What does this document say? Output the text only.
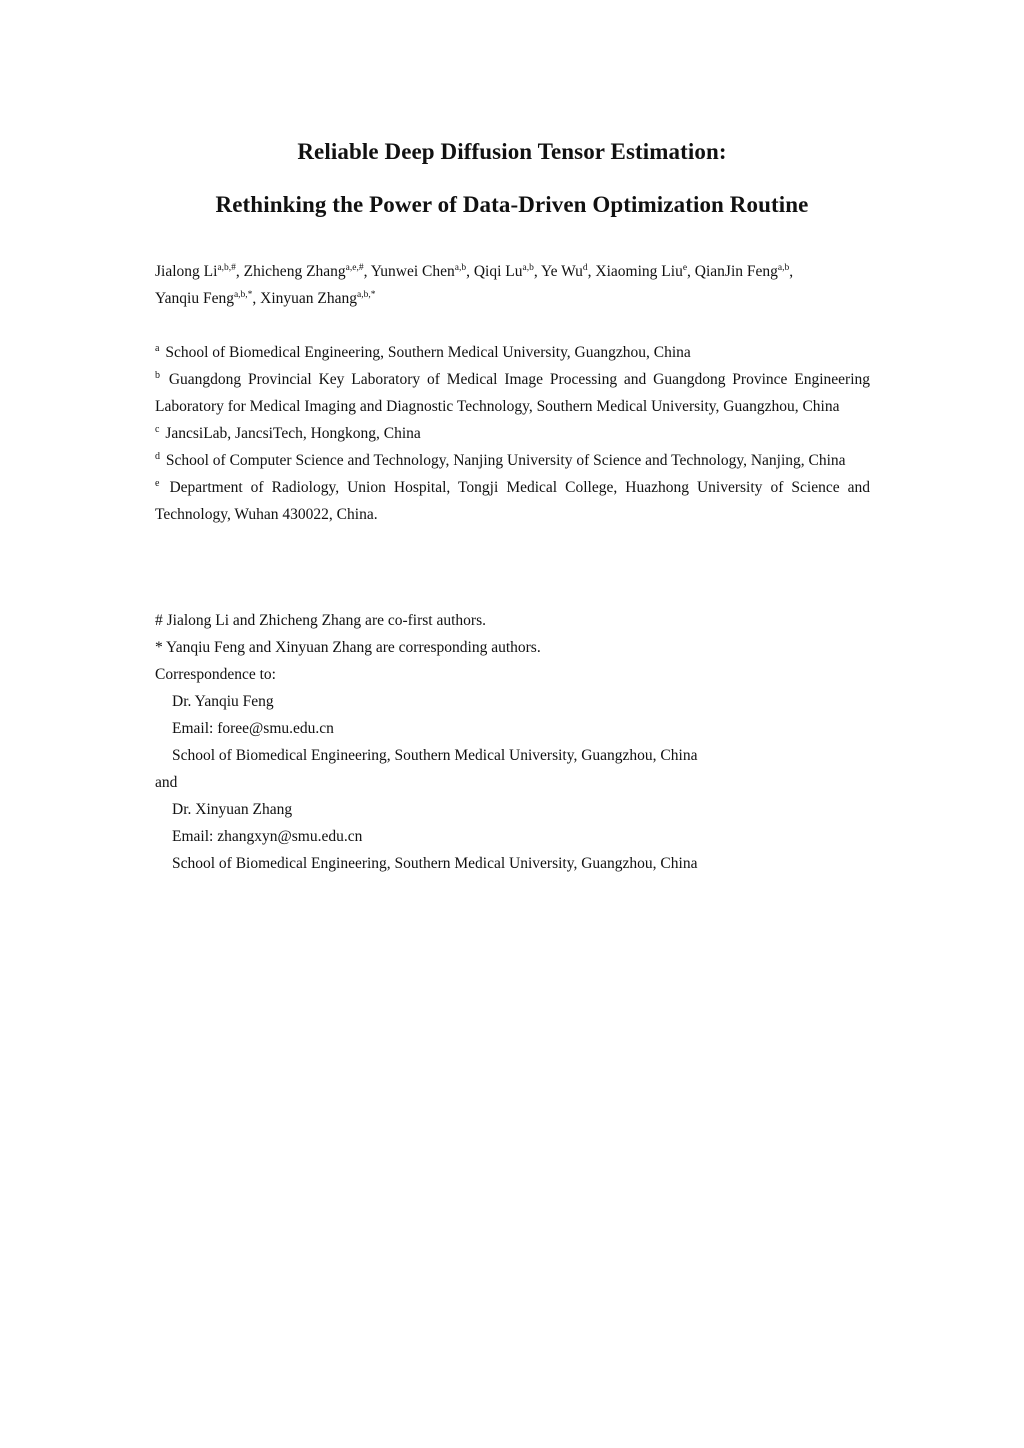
Reliable Deep Diffusion Tensor Estimation:
Rethinking the Power of Data-Driven Optimization Routine
Jialong $Li^{a,b,\#}$, Zhicheng Zhang$^{a,e,\#}$, Yunwei Chen$^{a,b}$, Qiqi Lu$^{a,b}$, Ye Wu$^d$, Xiaoming Liu$^e$, QianJin Feng$^{a,b}$,
Yanqiu Feng$^{a,b,*}$, Xinyuan Zhang$^{a,b,*}$
$^a$ School of Biomedical Engineering, Southern Medical University, Guangzhou, China
$^b$ Guangdong Provincial Key Laboratory of Medical Image Processing and Guangdong Province Engineering Laboratory for Medical Imaging and Diagnostic Technology, Southern Medical University, Guangzhou, China
$^c$ JancsiLab, JancsiTech, Hongkong, China
$^d$ School of Computer Science and Technology, Nanjing University of Science and Technology, Nanjing, China
$^e$ Department of Radiology, Union Hospital, Tongji Medical College, Huazhong University of Science and Technology, Wuhan 430022, China.
# Jialong Li and Zhicheng Zhang are co-first authors.
* Yanqiu Feng and Xinyuan Zhang are corresponding authors.
Correspondence to:
Dr. Yanqiu Feng
Email: foree@smu.edu.cn
School of Biomedical Engineering, Southern Medical University, Guangzhou, China
and
Dr. Xinyuan Zhang
Email: zhangxyn@smu.edu.cn
School of Biomedical Engineering, Southern Medical University, Guangzhou, China
